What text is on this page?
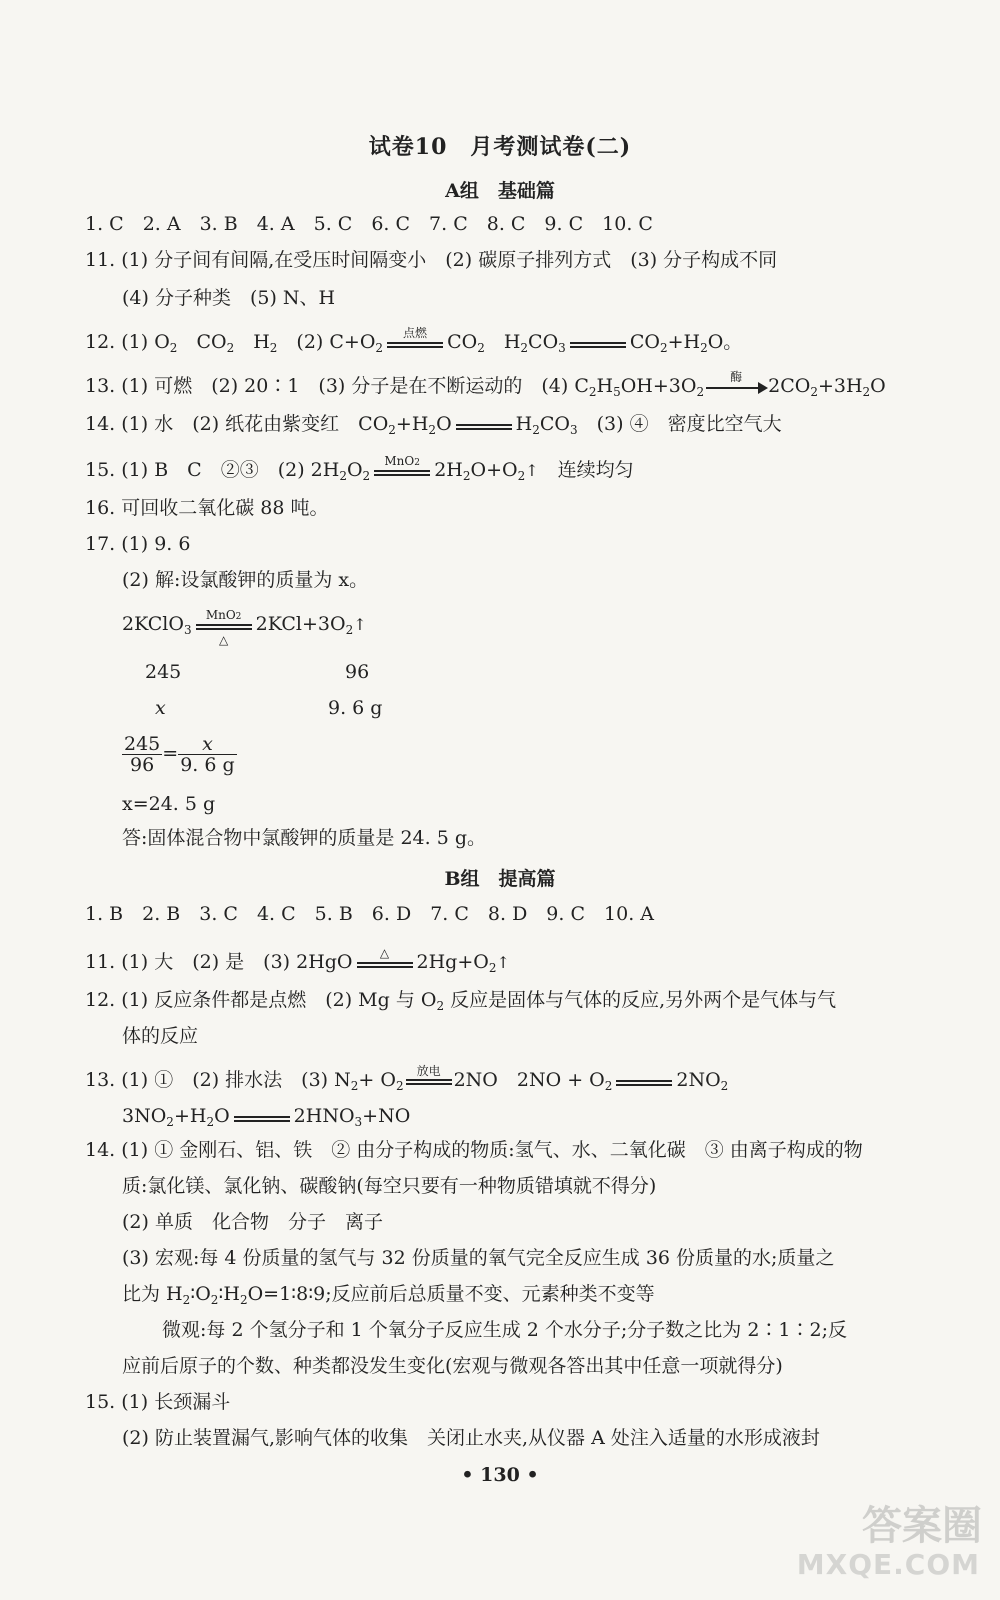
试卷10　月考测试卷(二)
A组　基础篇
1. C　2. A　3. B　4. A　5. C　6. C　7. C　8. C　9. C　10. C
11. (1) 分子间有间隔,在受压时间隔变小　(2) 碳原子排列方式　(3) 分子构成不同
(4) 分子种类　(5) N、H
12. (1) $O_2$　$CO_2$　$H_2$　(2) $C+O_2$
点燃	$CO_2$　$H_2CO_3$	$CO_2+H_2O$。
13. (1) 可燃　(2) 20∶1　(3) 分子是在不断运动的　(4) $C_2H_5OH+3O_2$
酶	$2CO_2+3H_2O$
14. (1) 水　(2) 纸花由紫变红　$CO_2+H_2O$	$H_2CO_3$　(3) ④　密度比空气大
15. (1) B　C　②③　(2) $2H_2O_2$
MnO2 $2H_2O+O_2↑$　连续均匀
16. 可回收二氧化碳 88 吨。
17. (1) 9. 6
(2) 解:设氯酸钾的质量为 x。
2KClO$_3$
MnO2
△
$2KCl+3O_2↑$
245	96
x	9. 6 g
$\frac{245}{96} = \frac{x}{9. 6 g}$
x=24. 5 g
答:固体混合物中氯酸钾的质量是 24. 5 g。
B组　提高篇
1. B　2. B　3. C　4. C　5. B　6. D　7. C　8. D　9. C　10. A
11. (1) 大　(2) 是　(3) 2HgO	△	$2Hg+O_2↑$
12. (1) 反应条件都是点燃　(2) Mg 与 $O_2$ 反应是固体与气体的反应,另外两个是气体与气
体的反应
13. (1) ①　(2) 排水法　(3) $N_2+ O_2$
放电 2NO　$2NO + O_2$	$2NO_2$
$3NO_2+H_2O$	$2HNO_3+NO$
14. (1) ① 金刚石、铝、铁　② 由分子构成的物质:氢气、水、二氧化碳　③ 由离子构成的物
质:氯化镁、氯化钠、碳酸钠(每空只要有一种物质错填就不得分)
(2) 单质　化合物　分子　离子
(3) 宏观:每 4 份质量的氢气与 32 份质量的氧气完全反应生成 36 份质量的水;质量之
比为 $H_2∶O_2∶H_2O=1∶8∶9$;反应前后总质量不变、元素种类不变等
微观:每 2 个氢分子和 1 个氧分子反应生成 2 个水分子;分子数之比为 2∶1∶2;反
应前后原子的个数、种类都没发生变化(宏观与微观各答出其中任意一项就得分)
15. (1) 长颈漏斗
(2) 防止装置漏气,影响气体的收集　关闭止水夹,从仪器 A 处注入适量的水形成液封
• 130 •
答案圈
MXQE.COM
